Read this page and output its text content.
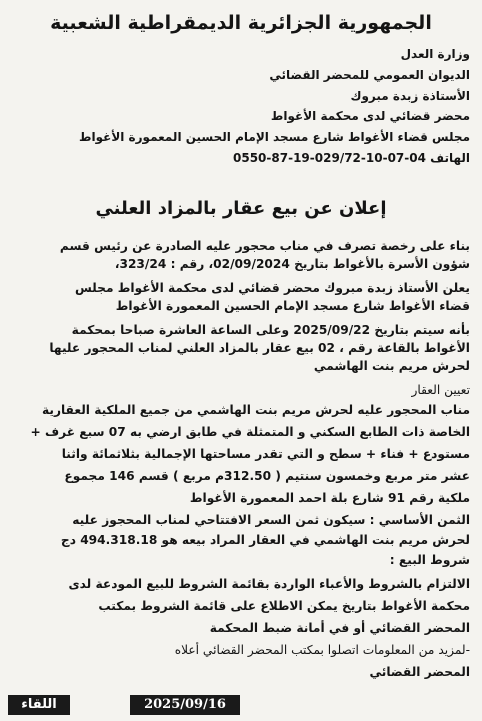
الجمهورية الجزائرية الديمقراطية الشعبية
وزارة العدل
الديوان العمومي للمحضر القضائي
الأستاذة زبدة مبروك
محضر قضائي لدى محكمة الأغواط
مجلس قضاء الأغواط شارع مسجد الإمام الحسين المعمورة الأغواط
الهاتف 04-07-10-029/72-19-87-0550
إعلان عن بيع عقار بالمزاد العلني
بناء على رخصة تصرف في مناب محجور عليه الصادرة عن رئيس قسم
شؤون الأسرة بالأغواط بتاريخ 02/09/2024، رقم : 323/24،
يعلن الأستاذ زبدة مبروك محضر قضائي لدى محكمة الأغواط مجلس
قضاء الأغواط شارع مسجد الإمام الحسين المعمورة الأغواط
بأنه سيتم بتاريخ 2025/09/22 وعلى الساعة العاشرة صباحا بمحكمة
الأغواط بالقاعة رقم ، 02 بيع عقار بالمزاد العلني لمناب المحجور عليها
لحرش مريم بنت الهاشمي
تعيين العقار
مناب المحجور عليه لحرش مريم بنت الهاشمي من جميع الملكية العقارية
الخاصة ذات الطابع السكني و المتمثلة في طابق ارضي به 07 سبع غرف +
مستودع + فناء + سطح و التي تقدر مساحتها الإجمالية بثلاثمائة واثنا
عشر متر مربع وخمسون سنتيم ( 312.50م مربع ) قسم 146 مجموع
ملكية رقم 91 شارع بلة احمد المعمورة الأغواط
الثمن الأساسي : سيكون ثمن السعر الافتتاحي لمناب المحجوز عليه
لحرش مريم بنت الهاشمي في العقار المراد بيعه هو 494.318.18 دج
شروط البيع :
الالتزام بالشروط والأعباء الواردة بقائمة الشروط للبيع المودعة لدى
محكمة الأغواط بتاريخ يمكن الاطلاع على قائمة الشروط بمكتب
المحضر القضائي أو في أمانة ضبط المحكمة
-لمزيد من المعلومات اتصلوا بمكتب المحضر القضائي أعلاه
المحضر القضائي
2025/09/16
اللقاء
